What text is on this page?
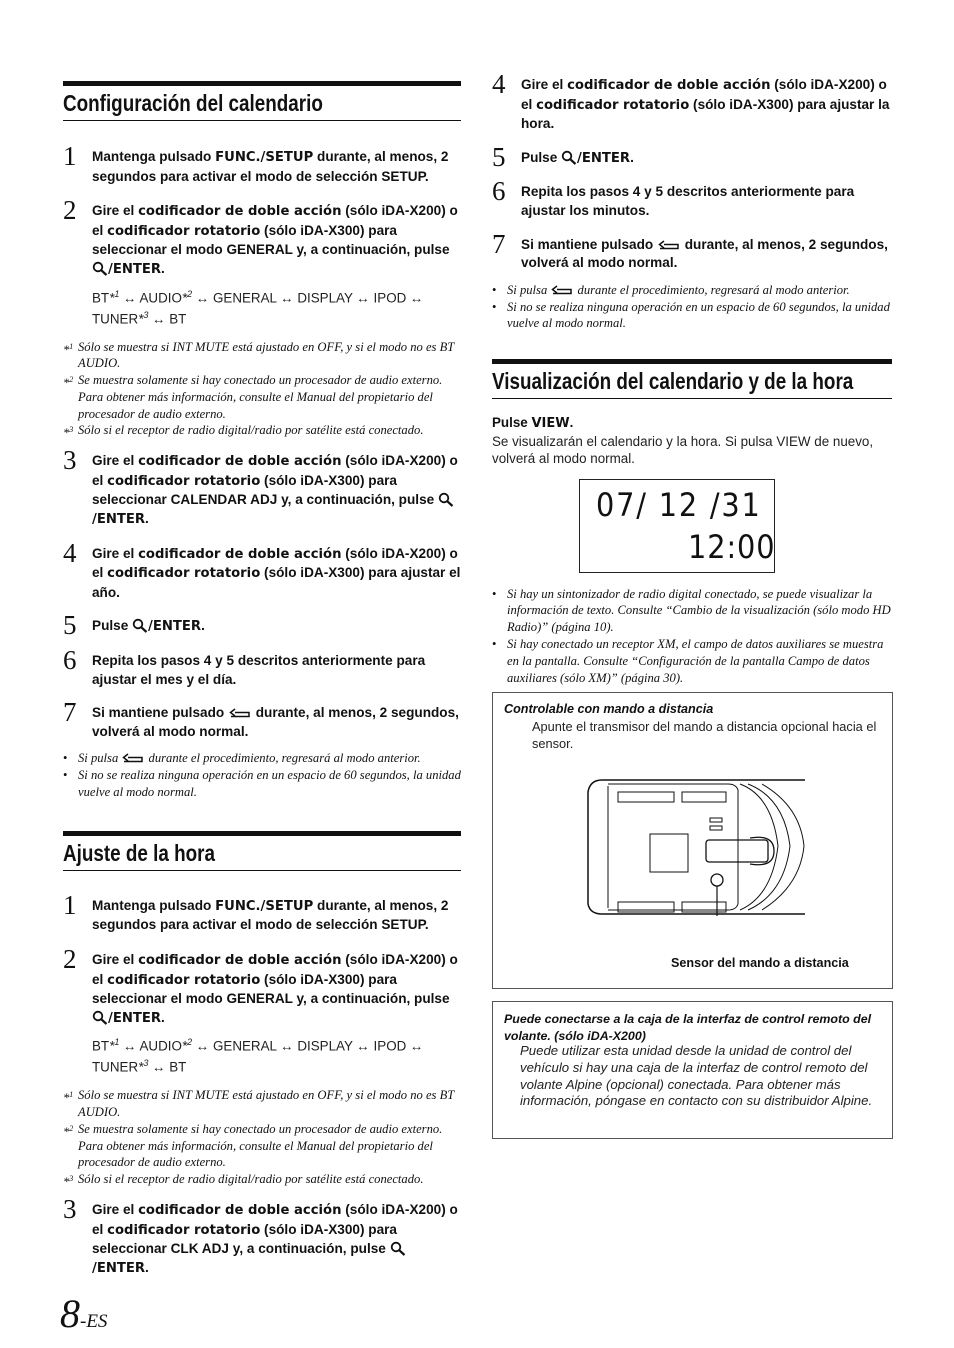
Configuración del calendario
1 Mantenga pulsado FUNC./SETUP durante, al menos, 2 segundos para activar el modo de selección SETUP.
2 Gire el codificador de doble acción (sólo iDA-X200) o el codificador rotatorio (sólo iDA-X300) para seleccionar el modo GENERAL y, a continuación, pulse /ENTER.
BT*$^1$ ↔ AUDIO*$^2$ ↔ GENERAL ↔ DISPLAY ↔ IPOD ↔ TUNER*$^3$ ↔ BT
*$^1$ Sólo se muestra si INT MUTE está ajustado en OFF, y si el modo no es BT AUDIO.
*$^2$ Se muestra solamente si hay conectado un procesador de audio externo. Para obtener más información, consulte el Manual del propietario del procesador de audio externo.
*$^3$ Sólo si el receptor de radio digital/radio por satélite está conectado.
3 Gire el codificador de doble acción (sólo iDA-X200) o el codificador rotatorio (sólo iDA-X300) para seleccionar CALENDAR ADJ y, a continuación, pulse /ENTER.
4 Gire el codificador de doble acción (sólo iDA-X200) o el codificador rotatorio (sólo iDA-X300) para ajustar el año.
5 Pulse /ENTER.
6 Repita los pasos 4 y 5 descritos anteriormente para ajustar el mes y el día.
7 Si mantiene pulsado  durante, al menos, 2 segundos, volverá al modo normal.
• Si pulsa  durante el procedimiento, regresará al modo anterior.
• Si no se realiza ninguna operación en un espacio de 60 segundos, la unidad vuelve al modo normal.
Ajuste de la hora
1 Mantenga pulsado FUNC./SETUP durante, al menos, 2 segundos para activar el modo de selección SETUP.
2 Gire el codificador de doble acción (sólo iDA-X200) o el codificador rotatorio (sólo iDA-X300) para seleccionar el modo GENERAL y, a continuación, pulse /ENTER.
BT*$^1$ ↔ AUDIO*$^2$ ↔ GENERAL ↔ DISPLAY ↔ IPOD ↔ TUNER*$^3$ ↔ BT
*$^1$ Sólo se muestra si INT MUTE está ajustado en OFF, y si el modo no es BT AUDIO.
*$^2$ Se muestra solamente si hay conectado un procesador de audio externo. Para obtener más información, consulte el Manual del propietario del procesador de audio externo.
*$^3$ Sólo si el receptor de radio digital/radio por satélite está conectado.
3 Gire el codificador de doble acción (sólo iDA-X200) o el codificador rotatorio (sólo iDA-X300) para seleccionar CLK ADJ y, a continuación, pulse /ENTER.
8-ES
4 Gire el codificador de doble acción (sólo iDA-X200) o el codificador rotatorio (sólo iDA-X300) para ajustar la hora.
5 Pulse /ENTER.
6 Repita los pasos 4 y 5 descritos anteriormente para ajustar los minutos.
7 Si mantiene pulsado  durante, al menos, 2 segundos, volverá al modo normal.
• Si pulsa  durante el procedimiento, regresará al modo anterior.
• Si no se realiza ninguna operación en un espacio de 60 segundos, la unidad vuelve al modo normal.
Visualización del calendario y de la hora
Pulse VIEW.
Se visualizarán el calendario y la hora. Si pulsa VIEW de nuevo, volverá al modo normal.
07/ 12 /31
12:00
• Si hay un sintonizador de radio digital conectado, se puede visualizar la información de texto. Consulte “Cambio de la visualización (sólo modo HD Radio)” (página 10).
• Si hay conectado un receptor XM, el campo de datos auxiliares se muestra en la pantalla. Consulte “Configuración de la pantalla Campo de datos auxiliares (sólo XM)” (página 30).
Controlable con mando a distancia
Apunte el transmisor del mando a distancia opcional hacia el sensor.
Sensor del mando a distancia
Puede conectarse a la caja de la interfaz de control remoto del volante. (sólo iDA-X200)
Puede utilizar esta unidad desde la unidad de control del vehículo si hay una caja de la interfaz de control remoto del volante Alpine (opcional) conectada. Para obtener más información, póngase en contacto con su distribuidor Alpine.
